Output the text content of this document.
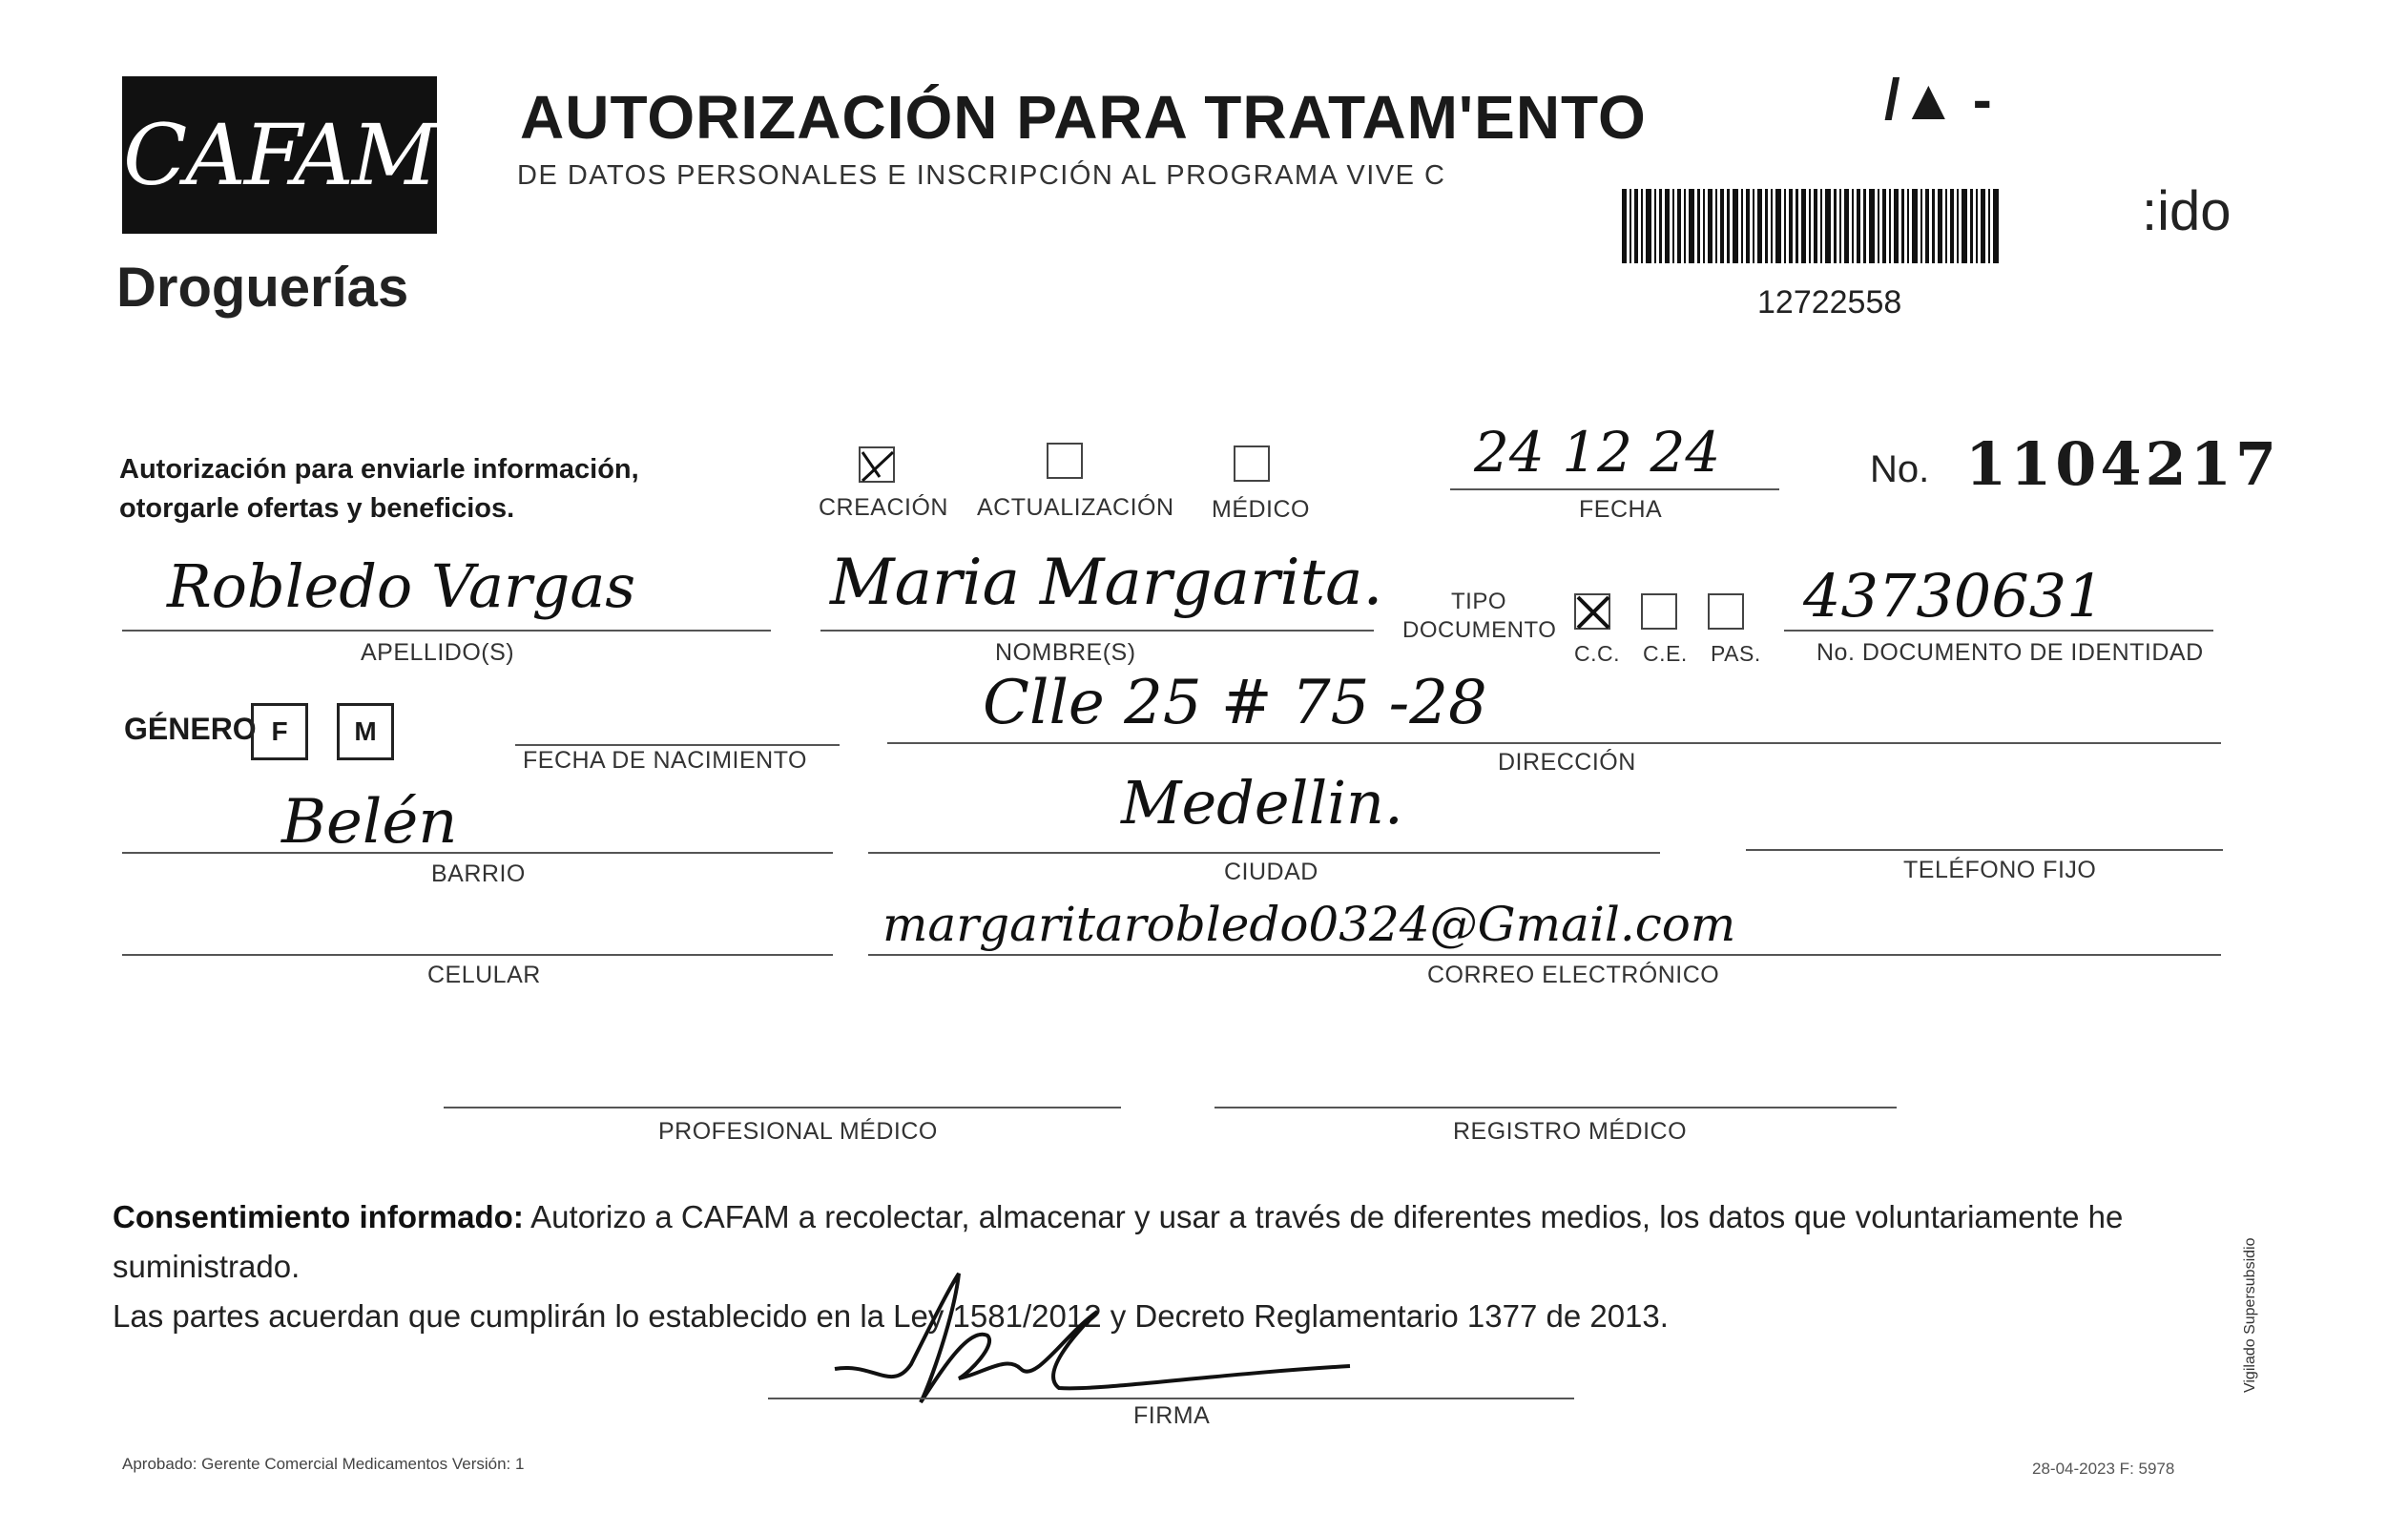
CAFAM
Droguerías
AUTORIZACIÓN PARA TRATAM'ENTO
DE DATOS PERSONALES E INSCRIPCIÓN AL PROGRAMA VIVE C
/▲ -
12722558
:ido
Autorización para enviarle información, otorgarle ofertas y beneficios.	CREACIÓN ACTUALIZACIÓN MÉDICO
24 12 24
FECHA
No. 1104217
Robledo Vargas
APELLIDO(S)
Maria Margarita.
NOMBRE(S)
TIPO DOCUMENTO
C.C. C.E. PAS.
43730631
No. DOCUMENTO DE IDENTIDAD
GÉNERO F	M
FECHA DE NACIMIENTO
Clle 25 # 75 -28
DIRECCIÓN
Belén
BARRIO
Medellin.
CIUDAD	TELÉFONO FIJO
CELULAR
margaritarobledo0324@Gmail.com
CORREO ELECTRÓNICO
PROFESIONAL MÉDICO	REGISTRO MÉDICO
Consentimiento informado: Autorizo a CAFAM a recolectar, almacenar y usar a través de diferentes medios, los datos que voluntariamente he suministrado.
Las partes acuerdan que cumplirán lo establecido en la Ley 1581/2012 y Decreto Reglamentario 1377 de 2013.
FIRMA
Aprobado: Gerente Comercial Medicamentos Versión: 1	28-04-2023 F: 5978
Vigilado Supersubsidio
